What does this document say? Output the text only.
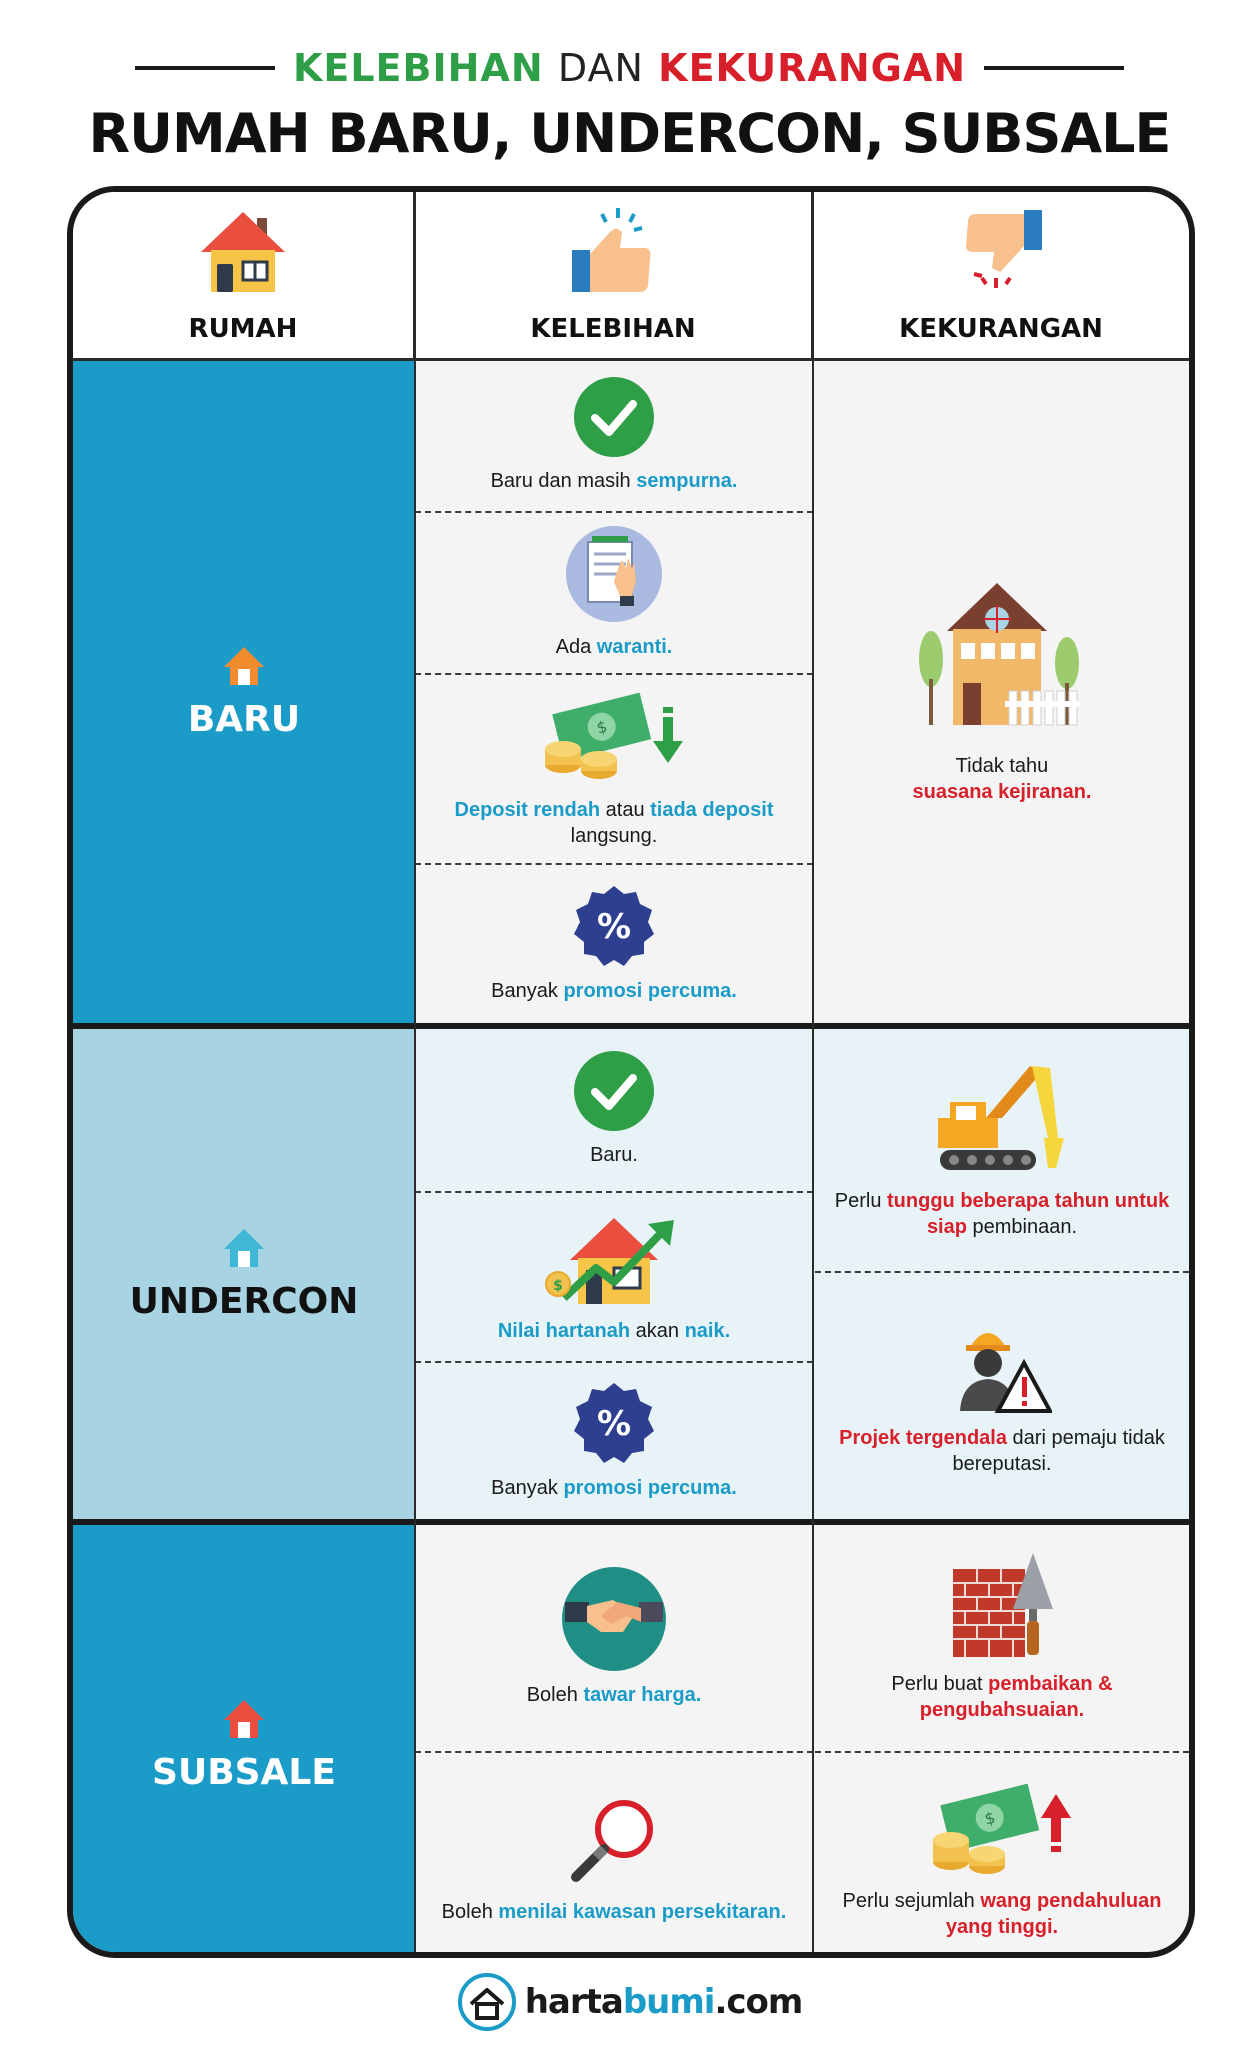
KELEBIHAN DAN KEKURANGAN
RUMAH BARU, UNDERCON, SUBSALE
RUMAH	KELEBIHAN	KEKURANGAN
BARU
Baru dan masih sempurna.
Ada waranti.
$
Deposit rendah atau tiada deposit langsung.
%
Banyak promosi percuma.
Tidak tahu
suasana kejiranan.
UNDERCON
Baru.
$
Nilai hartanah akan naik.
%
Banyak promosi percuma.
Perlu tunggu beberapa tahun untuk siap pembinaan.
Projek tergendala dari pemaju tidak bereputasi.
SUBSALE
Boleh tawar harga.
Boleh menilai kawasan persekitaran.
Perlu buat pembaikan & pengubahsuaian.
$
Perlu sejumlah wang pendahuluan yang tinggi.
hartabumi.com
